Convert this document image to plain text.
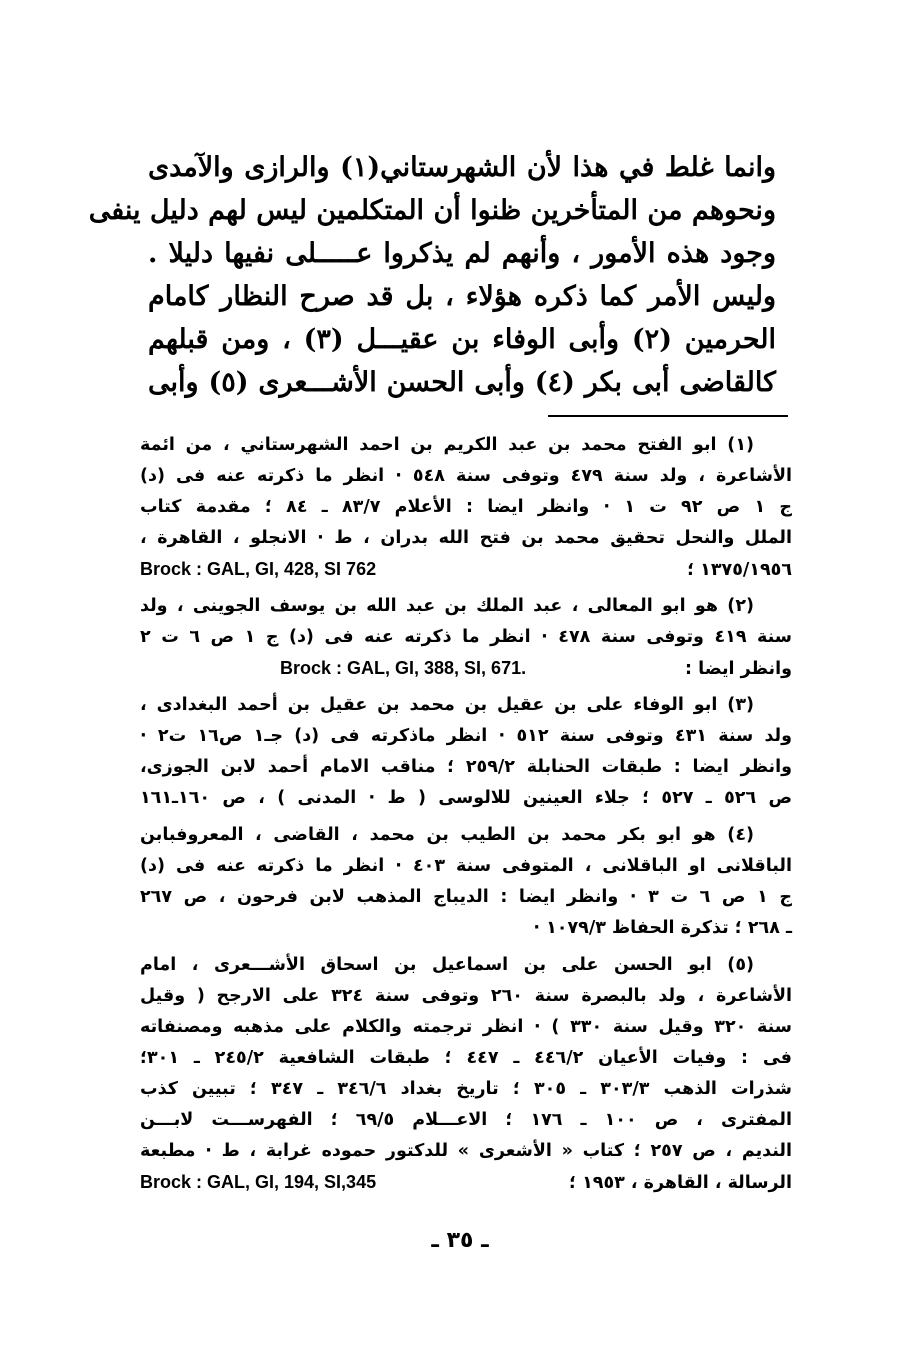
وانما غلط في هذا لأن الشهرستاني(١) والرازى والآمدى
ونحوهم من المتأخرين ظنوا أن المتكلمين ليس لهم دليل ينفى
وجود هذه الأمور ، وأنهم لم يذكروا عـــــلى نفيها دليلا .
وليس الأمر كما ذكره هؤلاء ، بل قد صرح النظار كامام
الحرمين (٢) وأبى الوفاء بن عقيـــل (٣) ، ومن قبلهم
كالقاضى أبى بكر (٤) وأبى الحسن الأشـــعرى (٥) وأبى
(١) ابو الفتح محمد بن عبد الكريم بن احمد الشهرستاني ، من ائمة
الأشاعرة ، ولد سنة ٤٧٩ وتوفى سنة ٥٤٨ · انظر ما ذكرته عنه فى (د)
ج ١ ص ٩٢ ت ١ · وانظر ايضا : الأعلام ٨٣/٧ ـ ٨٤ ؛ مقدمة كتاب
الملل والنحل تحقيق محمد بن فتح الله بدران ، ط · الانجلو ، القاهرة ،
١٣٧٥/١٩٥٦ ؛
Brock : GAL, GI, 428, SI 762
(٢) هو ابو المعالى ، عبد الملك بن عبد الله بن يوسف الجوينى ، ولد
سنة ٤١٩ وتوفى سنة ٤٧٨ · انظر ما ذكرته عنه فى (د) ج ١ ص ٦ ت ٢
وانظر ايضا :
Brock : GAL, GI, 388, SI, 671.
(٣) ابو الوفاء على بن عقيل بن محمد بن عقيل بن أحمد البغدادى ،
ولد سنة ٤٣١ وتوفى سنة ٥١٢ · انظر ماذكرته فى (د) جـ١ ص١٦ ت٢ ·
وانظر ايضا : طبقات الحنابلة ٢٥٩/٢ ؛ مناقب الامام أحمد لابن الجوزى،
ص ٥٢٦ ـ ٥٢٧ ؛ جلاء العينين للالوسى ( ط · المدنى ) ، ص ١٦٠ـ١٦١
(٤) هو ابو بكر محمد بن الطيب بن محمد ، القاضى ، المعروفبابن
الباقلانى او الباقلانى ، المتوفى سنة ٤٠٣ · انظر ما ذكرته عنه فى (د)
ج ١ ص ٦ ت ٣ · وانظر ايضا : الديباج المذهب لابن فرحون ، ص ٢٦٧
ـ ٢٦٨ ؛ تذكرة الحفاظ ١٠٧٩/٣ ·
(٥) ابو الحسن على بن اسماعيل بن اسحاق الأشـــعرى ، امام
الأشاعرة ، ولد بالبصرة سنة ٢٦٠ وتوفى سنة ٣٢٤ على الارجح ( وقيل
سنة ٣٢٠ وقيل سنة ٣٣٠ ) · انظر ترجمته والكلام على مذهبه ومصنفاته
فى : وفيات الأعيان ٤٤٦/٢ ـ ٤٤٧ ؛ طبقات الشافعية ٢٤٥/٢ ـ ٣٠١؛
شذرات الذهب ٣٠٣/٣ ـ ٣٠٥ ؛ تاريخ بغداد ٣٤٦/٦ ـ ٣٤٧ ؛ تبيين كذب
المفترى ، ص ١٠٠ ـ ١٧٦ ؛ الاعـــلام ٦٩/٥ ؛ الفهرســـت لابـــن
النديم ، ص ٢٥٧ ؛ كتاب « الأشعرى » للدكتور حموده غرابة ، ط · مطبعة
الرسالة ، القاهرة ، ١٩٥٣ ؛
Brock : GAL, GI, 194, SI,345
ـ ٣٥ ـ
